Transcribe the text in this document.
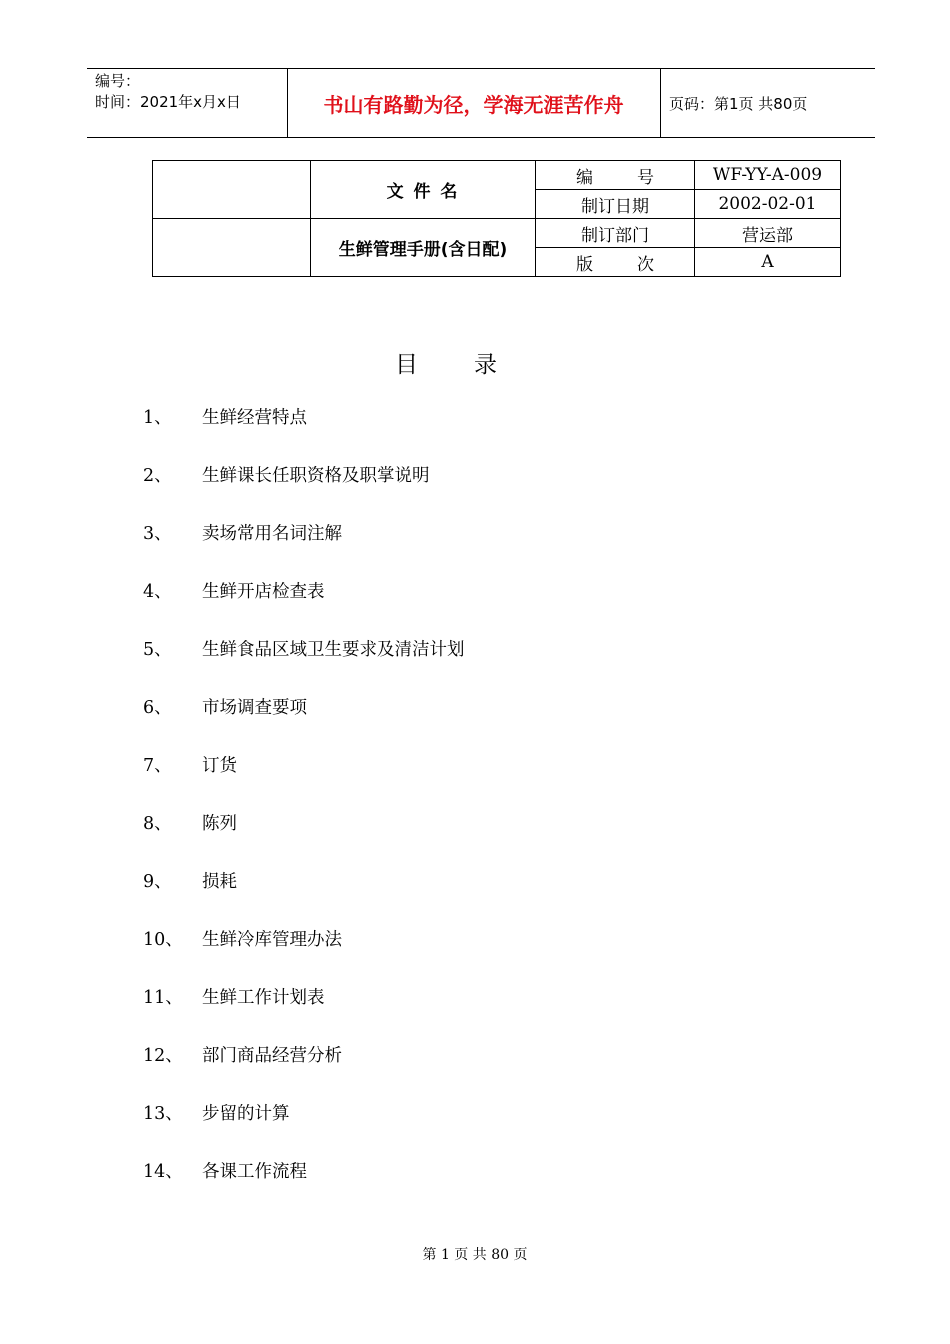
编号：
时间：2021年x月x日	书山有路勤为径，学海无涯苦作舟	页码：第1页 共80页
	文 件 名	编 号	WF-YY-A-009
		制订日期	2002-02-01
	生鲜管理手册(含日配)	制订部门	营运部

		版 次	A
目 录
1、 生鲜经营特点
2、 生鲜课长任职资格及职掌说明
3、 卖场常用名词注解
4、 生鲜开店检查表
5、 生鲜食品区域卫生要求及清洁计划
6、 市场调查要项
7、 订货
8、 陈列
9、 损耗
10、 生鲜冷库管理办法
11、 生鲜工作计划表
12、 部门商品经营分析
13、 步留的计算
14、 各课工作流程
第 1 页 共 80 页
